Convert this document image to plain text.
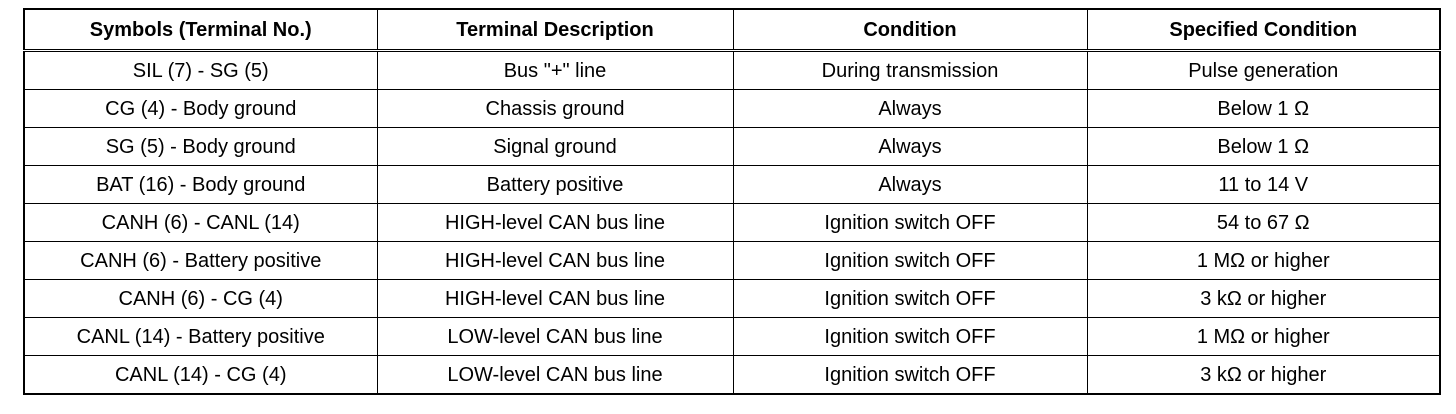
Symbols (Terminal No.)	Terminal Description	Condition	Specified Condition
SIL (7) - SG (5)	Bus "+" line	During transmission	Pulse generation
CG (4) - Body ground	Chassis ground	Always	Below 1 Ω
SG (5) - Body ground	Signal ground	Always	Below 1 Ω
BAT (16) - Body ground	Battery positive	Always	11 to 14 V
CANH (6) - CANL (14)	HIGH-level CAN bus line	Ignition switch OFF	54 to 67 Ω
CANH (6) - Battery positive	HIGH-level CAN bus line	Ignition switch OFF	1 MΩ or higher
CANH (6) - CG (4)	HIGH-level CAN bus line	Ignition switch OFF	3 kΩ or higher
CANL (14) - Battery positive	LOW-level CAN bus line	Ignition switch OFF	1 MΩ or higher
CANL (14) - CG (4)	LOW-level CAN bus line	Ignition switch OFF	3 kΩ or higher
